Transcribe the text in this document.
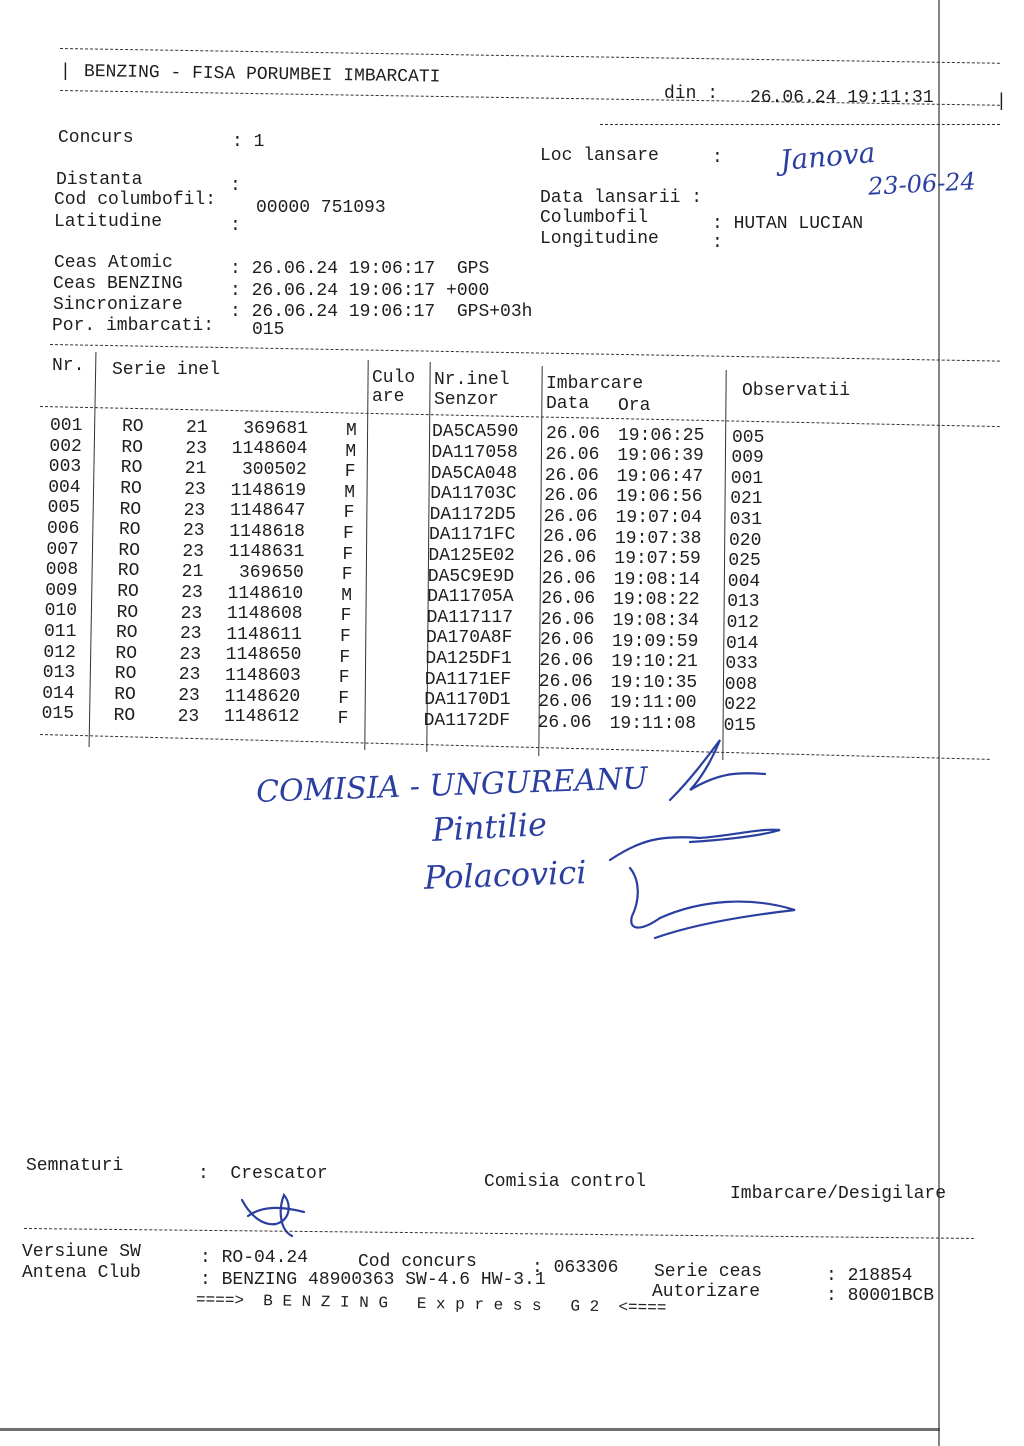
| BENZING - FISA PORUMBEI IMBARCATI
din : 26.06.24 19:11:31	|
Concurs	: 1
Loc lansare	: Janova
Distanta	:	23-06-24
Cod columbofil: 00000 751093	Data lansarii :
Latitudine	:	Columbofil	: HUTAN LUCIAN
Longitudine	:
Ceas Atomic	: 26.06.24 19:06:17  GPS
Ceas BENZING	: 26.06.24 19:06:17 +000
Sincronizare	: 26.06.24 19:06:17  GPS+03h
Por. imbarcati: 015
Nr. Serie inel	Culo
are
Nr.inel
Senzor
Imbarcare
Data Ora
Observatii
001 RO 21	369681 M	DA5CA590 26.06 19:06:25 005
002 RO 23	1148604 M	DA117058 26.06 19:06:39 009
003 RO 21	300502 F	DA5CA048 26.06 19:06:47 001
004 RO 23	1148619 M	DA11703C 26.06 19:06:56 021
005 RO 23	1148647 F	DA1172D5 26.06 19:07:04 031
006 RO 23	1148618 F	DA1171FC 26.06 19:07:38 020
007 RO 23	1148631 F	DA125E02 26.06 19:07:59 025
008 RO 21	369650 F	DA5C9E9D 26.06 19:08:14 004
009 RO 23	1148610 M	DA11705A 26.06 19:08:22 013
010 RO 23	1148608 F	DA117117 26.06 19:08:34 012
011 RO 23	1148611 F	DA170A8F 26.06 19:09:59 014
012 RO 23	1148650 F	DA125DF1 26.06 19:10:21 033
013 RO 23	1148603 F	DA1171EF 26.06 19:10:35 008
014 RO 23	1148620 F	DA1170D1 26.06 19:11:00 022
015 RO 23	1148612 F	DA1172DF 26.06 19:11:08 015
COMISIA - UNGUREANU
Pintilie
Polacovici
Semnaturi	:  Crescator	Comisia control
Imbarcare/Desigilare
Versiune SW	: RO-04.24	Cod concurs	: 063306 Serie ceas	: 218854
Antena Club	: BENZING 48900363 SW-4.6 HW-3.1
Autorizare	: 80001BCB
====>  B E N Z I N G   E x p r e s s   G 2  <====
